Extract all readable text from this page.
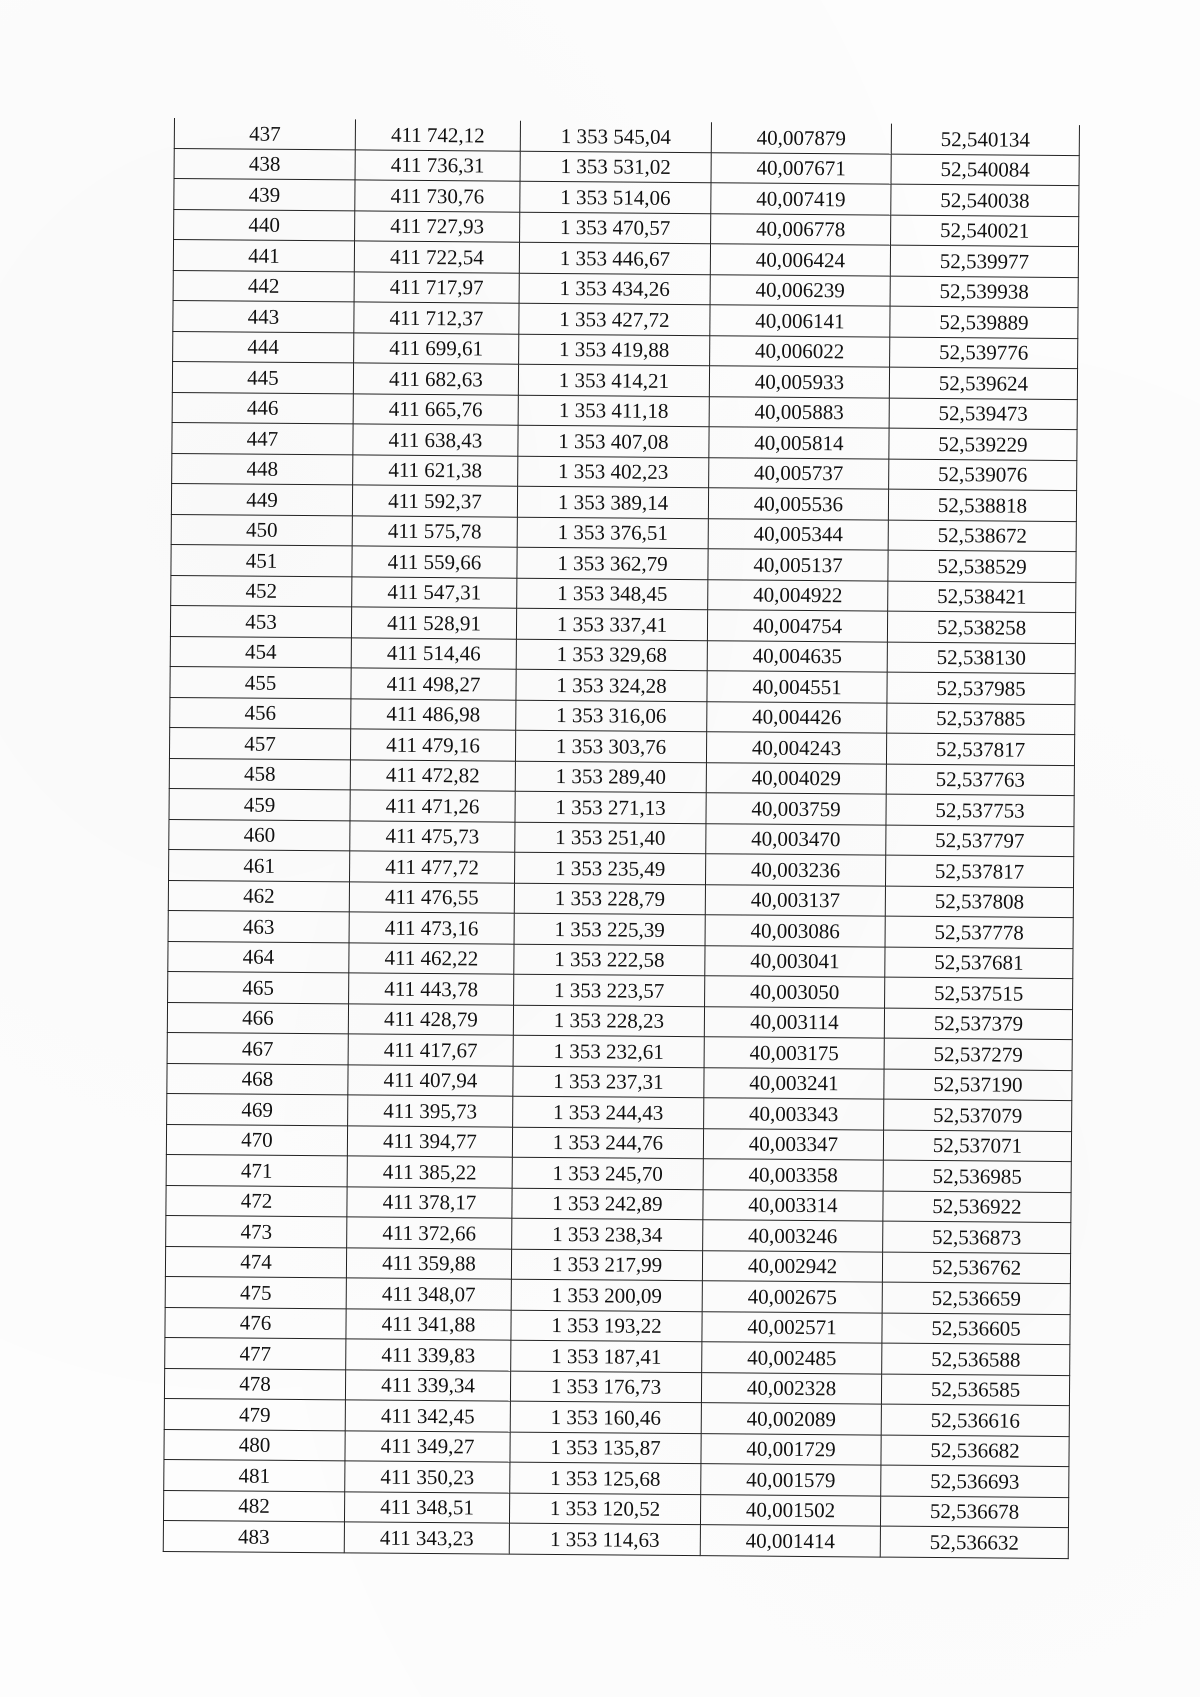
437	411 742,12	1 353 545,04	40,007879	52,540134
438	411 736,31	1 353 531,02	40,007671	52,540084
439	411 730,76	1 353 514,06	40,007419	52,540038
440	411 727,93	1 353 470,57	40,006778	52,540021
441	411 722,54	1 353 446,67	40,006424	52,539977
442	411 717,97	1 353 434,26	40,006239	52,539938
443	411 712,37	1 353 427,72	40,006141	52,539889
444	411 699,61	1 353 419,88	40,006022	52,539776
445	411 682,63	1 353 414,21	40,005933	52,539624
446	411 665,76	1 353 411,18	40,005883	52,539473
447	411 638,43	1 353 407,08	40,005814	52,539229
448	411 621,38	1 353 402,23	40,005737	52,539076
449	411 592,37	1 353 389,14	40,005536	52,538818
450	411 575,78	1 353 376,51	40,005344	52,538672
451	411 559,66	1 353 362,79	40,005137	52,538529
452	411 547,31	1 353 348,45	40,004922	52,538421
453	411 528,91	1 353 337,41	40,004754	52,538258
454	411 514,46	1 353 329,68	40,004635	52,538130
455	411 498,27	1 353 324,28	40,004551	52,537985
456	411 486,98	1 353 316,06	40,004426	52,537885
457	411 479,16	1 353 303,76	40,004243	52,537817
458	411 472,82	1 353 289,40	40,004029	52,537763
459	411 471,26	1 353 271,13	40,003759	52,537753
460	411 475,73	1 353 251,40	40,003470	52,537797
461	411 477,72	1 353 235,49	40,003236	52,537817
462	411 476,55	1 353 228,79	40,003137	52,537808
463	411 473,16	1 353 225,39	40,003086	52,537778
464	411 462,22	1 353 222,58	40,003041	52,537681
465	411 443,78	1 353 223,57	40,003050	52,537515
466	411 428,79	1 353 228,23	40,003114	52,537379
467	411 417,67	1 353 232,61	40,003175	52,537279
468	411 407,94	1 353 237,31	40,003241	52,537190
469	411 395,73	1 353 244,43	40,003343	52,537079
470	411 394,77	1 353 244,76	40,003347	52,537071
471	411 385,22	1 353 245,70	40,003358	52,536985
472	411 378,17	1 353 242,89	40,003314	52,536922
473	411 372,66	1 353 238,34	40,003246	52,536873
474	411 359,88	1 353 217,99	40,002942	52,536762
475	411 348,07	1 353 200,09	40,002675	52,536659
476	411 341,88	1 353 193,22	40,002571	52,536605
477	411 339,83	1 353 187,41	40,002485	52,536588
478	411 339,34	1 353 176,73	40,002328	52,536585
479	411 342,45	1 353 160,46	40,002089	52,536616
480	411 349,27	1 353 135,87	40,001729	52,536682
481	411 350,23	1 353 125,68	40,001579	52,536693
482	411 348,51	1 353 120,52	40,001502	52,536678
483	411 343,23	1 353 114,63	40,001414	52,536632
